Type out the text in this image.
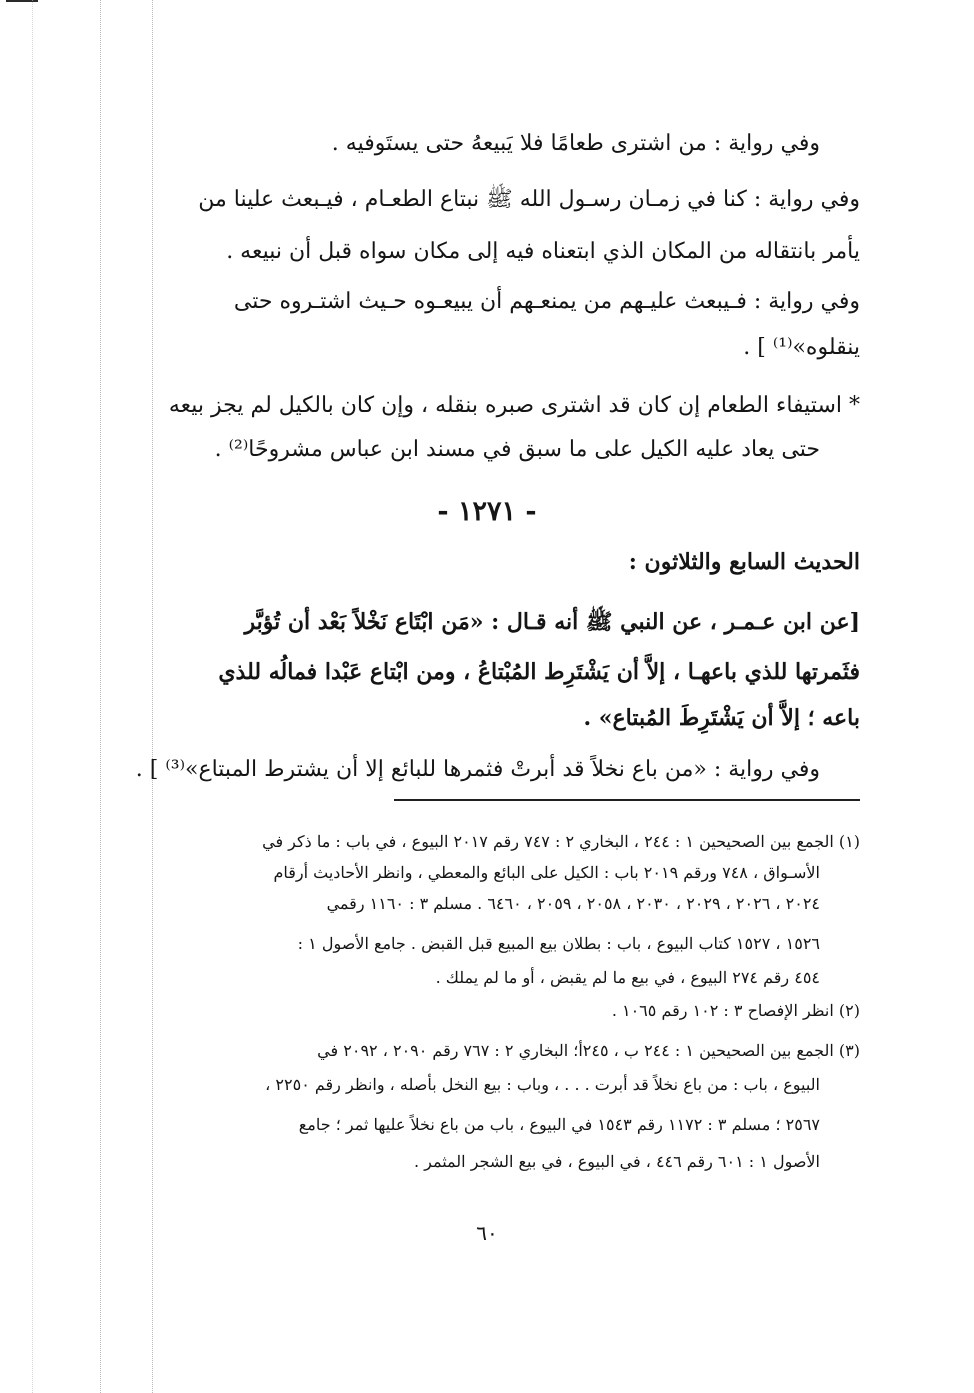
وفي رواية : من اشترى طعامًا فلا يَبيعهُ حتى يستَوفيه .
وفي رواية : كنا في زمـان رسـول الله ﷺ نبتاع الطعـام ، فيـبعث علينا من
يأمر بانتقاله من المكان الذي ابتعناه فيه إلى مكان سواه قبل أن نبيعه .
وفي رواية : فـيبعث عليـهم من يمنعـهم أن يبيعـوه حـيث اشتـروه حتى
ينقلوه»⁽¹⁾ ] .
* استيفاء الطعام إن كان قد اشترى صبره بنقله ، وإن كان بالكيل لم يجز بيعه
حتى يعاد عليه الكيل على ما سبق في مسند ابن عباس مشروحًا⁽²⁾ .
- ١٢٧١ -
الحديث السابع والثلاثون :
[عن ابن عـمـر ، عن النبي ﷺ أنه قـال : «مَن ابْتَاع نَخْلاً بَعْد أن تُؤبَّر
فثَمرتها للذي باعهـا ، إلاَّ أن يَشْتَرِط المُبْتاعُ ، ومن ابْتاع عَبْدا فمالُه للذي
باعه ؛ إلاَّ أن يَشْتَرِطَ المُبتاع» .
وفي رواية : «من باع نخلاً قد أبرتْ فثمرها للبائع إلا أن يشترط المبتاع»⁽³⁾ ] .
(١) الجمع بين الصحيحين ١ : ٢٤٤ ، البخاري ٢ : ٧٤٧ رقم ٢٠١٧ البيوع ، في باب : ما ذكر في
الأسـواق ، ٧٤٨ ورقم ٢٠١٩ باب : الكيل على البائع والمعطي ، وانظر الأحاديث أرقام
٢٠٢٤ ، ٢٠٢٦ ، ٢٠٢٩ ، ٢٠٣٠ ، ٢٠٥٨ ، ٢٠٥٩ ، ٦٤٦٠ . مسلم ٣ : ١١٦٠ رقمي
١٥٢٦ ، ١٥٢٧ كتاب البيوع ، باب : بطلان بيع المبيع قبل القبض . جامع الأصول ١ :
٤٥٤ رقم ٢٧٤ البيوع ، في بيع ما لم يقبض ، أو ما لم يملك .
(٢) انظر الإفصاح ٣ : ١٠٢ رقم ١٠٦٥ .
(٣) الجمع بين الصحيحين ١ : ٢٤٤ ب ، ٢٤٥أ؛ البخاري ٢ : ٧٦٧ رقم ٢٠٩٠ ، ٢٠٩٢ في
البيوع ، باب : من باع نخلاً قد أبرت . . . ، وباب : بيع النخل بأصله ، وانظر رقم ٢٢٥٠ ،
٢٥٦٧ ؛ مسلم ٣ : ١١٧٢ رقم ١٥٤٣ في البيوع ، باب من باع نخلاً عليها ثمر ؛ جامع
الأصول ١ : ٦٠١ رقم ٤٤٦ ، في البيوع ، في بيع الشجر المثمر .
٦٠
